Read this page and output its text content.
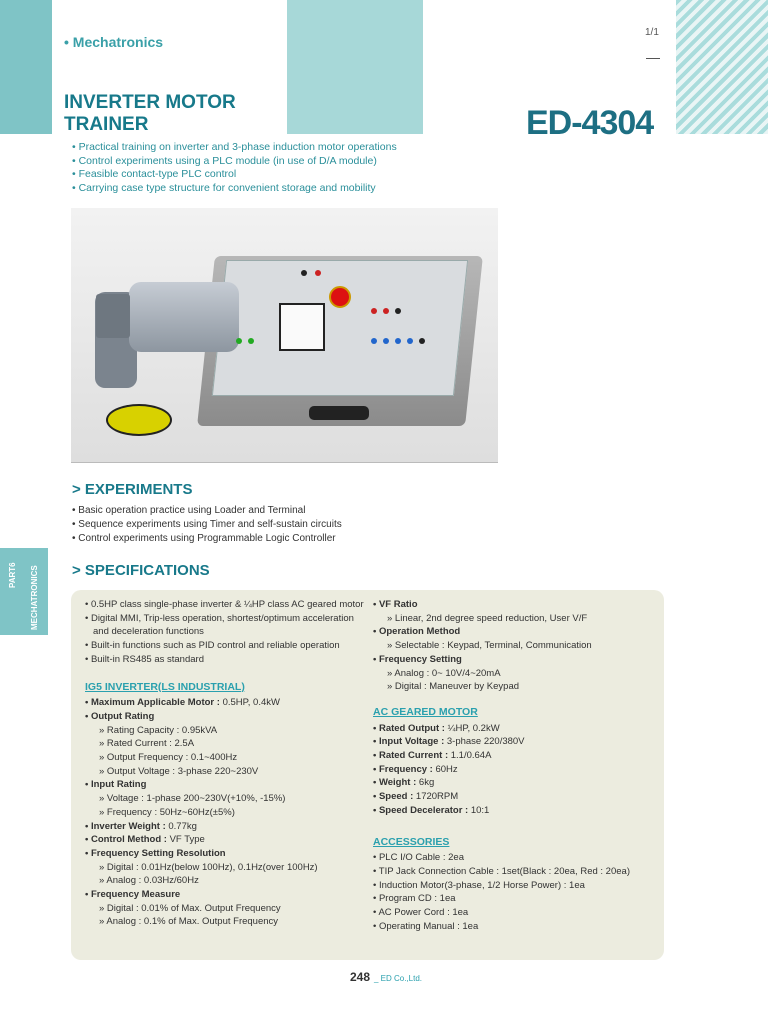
• Mechatronics
1/1
INVERTER MOTOR TRAINER	ED-4304
• Practical training on inverter and 3-phase induction motor operations
• Control experiments using a PLC module (in use of D/A module)
• Feasible contact-type PLC control
• Carrying case type structure for convenient storage and mobility
> EXPERIMENTS
• Basic operation practice using Loader and Terminal
• Sequence experiments using Timer and self-sustain circuits
• Control experiments using Programmable Logic Controller
PART6 MECHATRONICS > SPECIFICATIONS
• 0.5HP class single-phase inverter & ¼HP class AC geared motor
• Digital MMI, Trip-less operation, shortest/optimum acceleration and deceleration functions
• Built-in functions such as PID control and reliable operation
• Built-in RS485 as standard
IG5 INVERTER(LS INDUSTRIAL)
• Maximum Applicable Motor : 0.5HP, 0.4kW
• Output Rating
» Rating Capacity : 0.95kVA
» Rated Current : 2.5A
» Output Frequency : 0.1~400Hz
» Output Voltage : 3-phase 220~230V
• Input Rating
» Voltage : 1-phase 200~230V(+10%, -15%)
» Frequency : 50Hz~60Hz(±5%)
• Inverter Weight : 0.77kg
• Control Method : VF Type
• Frequency Setting Resolution
» Digital : 0.01Hz(below 100Hz), 0.1Hz(over 100Hz)
» Analog : 0.03Hz/60Hz
• Frequency Measure
» Digital : 0.01% of Max. Output Frequency
» Analog : 0.1% of Max. Output Frequency
• VF Ratio
» Linear, 2nd degree speed reduction, User V/F
• Operation Method
» Selectable : Keypad, Terminal, Communication
• Frequency Setting
» Analog : 0~ 10V/4~20mA
» Digital : Maneuver by Keypad
AC GEARED MOTOR
• Rated Output : ¼HP, 0.2kW
• Input Voltage : 3-phase 220/380V
• Rated Current : 1.1/0.64A
• Frequency : 60Hz
• Weight : 6kg
• Speed : 1720RPM
• Speed Decelerator : 10:1
ACCESSORIES
• PLC I/O Cable : 2ea
• TIP Jack Connection Cable : 1set(Black : 20ea, Red : 20ea)
• Induction Motor(3-phase, 1/2 Horse Power) : 1ea
• Program CD : 1ea
• AC Power Cord : 1ea
• Operating Manual : 1ea
248 _ ED Co.,Ltd.
